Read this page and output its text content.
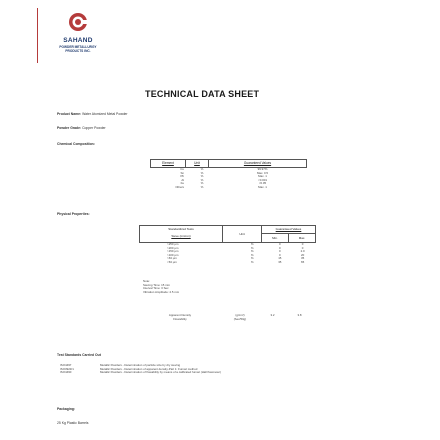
SAHAND
POWDER METALLURGY
PRODUCTS INC.
TECHNICAL DATA SHEET
Product Name: Water Atomized Metal Powder
Powder Grade: Copper Powder
Chemical Composition:
Element	Unit	Guaranteed Values
Cu	%	99.97%
Sn	%	Max. 0.5
Pb	%	Max. 1
Al	%	<0.001
Fe	%	<0.05
Others	%	Max. 1
Physical Properties:
Standardized Tests
Sieve (micron)	Unit
Guaranteed Values
Min.	Max.
>250 µm	%	0	0
>200 µm	%	0	0
>150 µm	%	0	2.0
>100 µm	%	0	20
>63 µm	%	15	35
<63 µm	%	35	65
Note:
Sieving Time: 15 min
Interval Time: 3 Sec
Vibration Amplitude: 2.5 mm
Apparent Density	(g/cm³)	3.2	3.8
Flowability	(Sec/50g)
Test Standards Carried Out
ISO4497	Metallic Powders - Determination of particle size by dry sieving
ISO3923/1	Metallic Powders - Determination of apparent density-Part 1: Funnel method
ISO4490	Metallic Powders - Determination of flowability by means of a calibrated funnel (Hall flowmeter)
Packaging:
25 Kg Plastic Barrels
